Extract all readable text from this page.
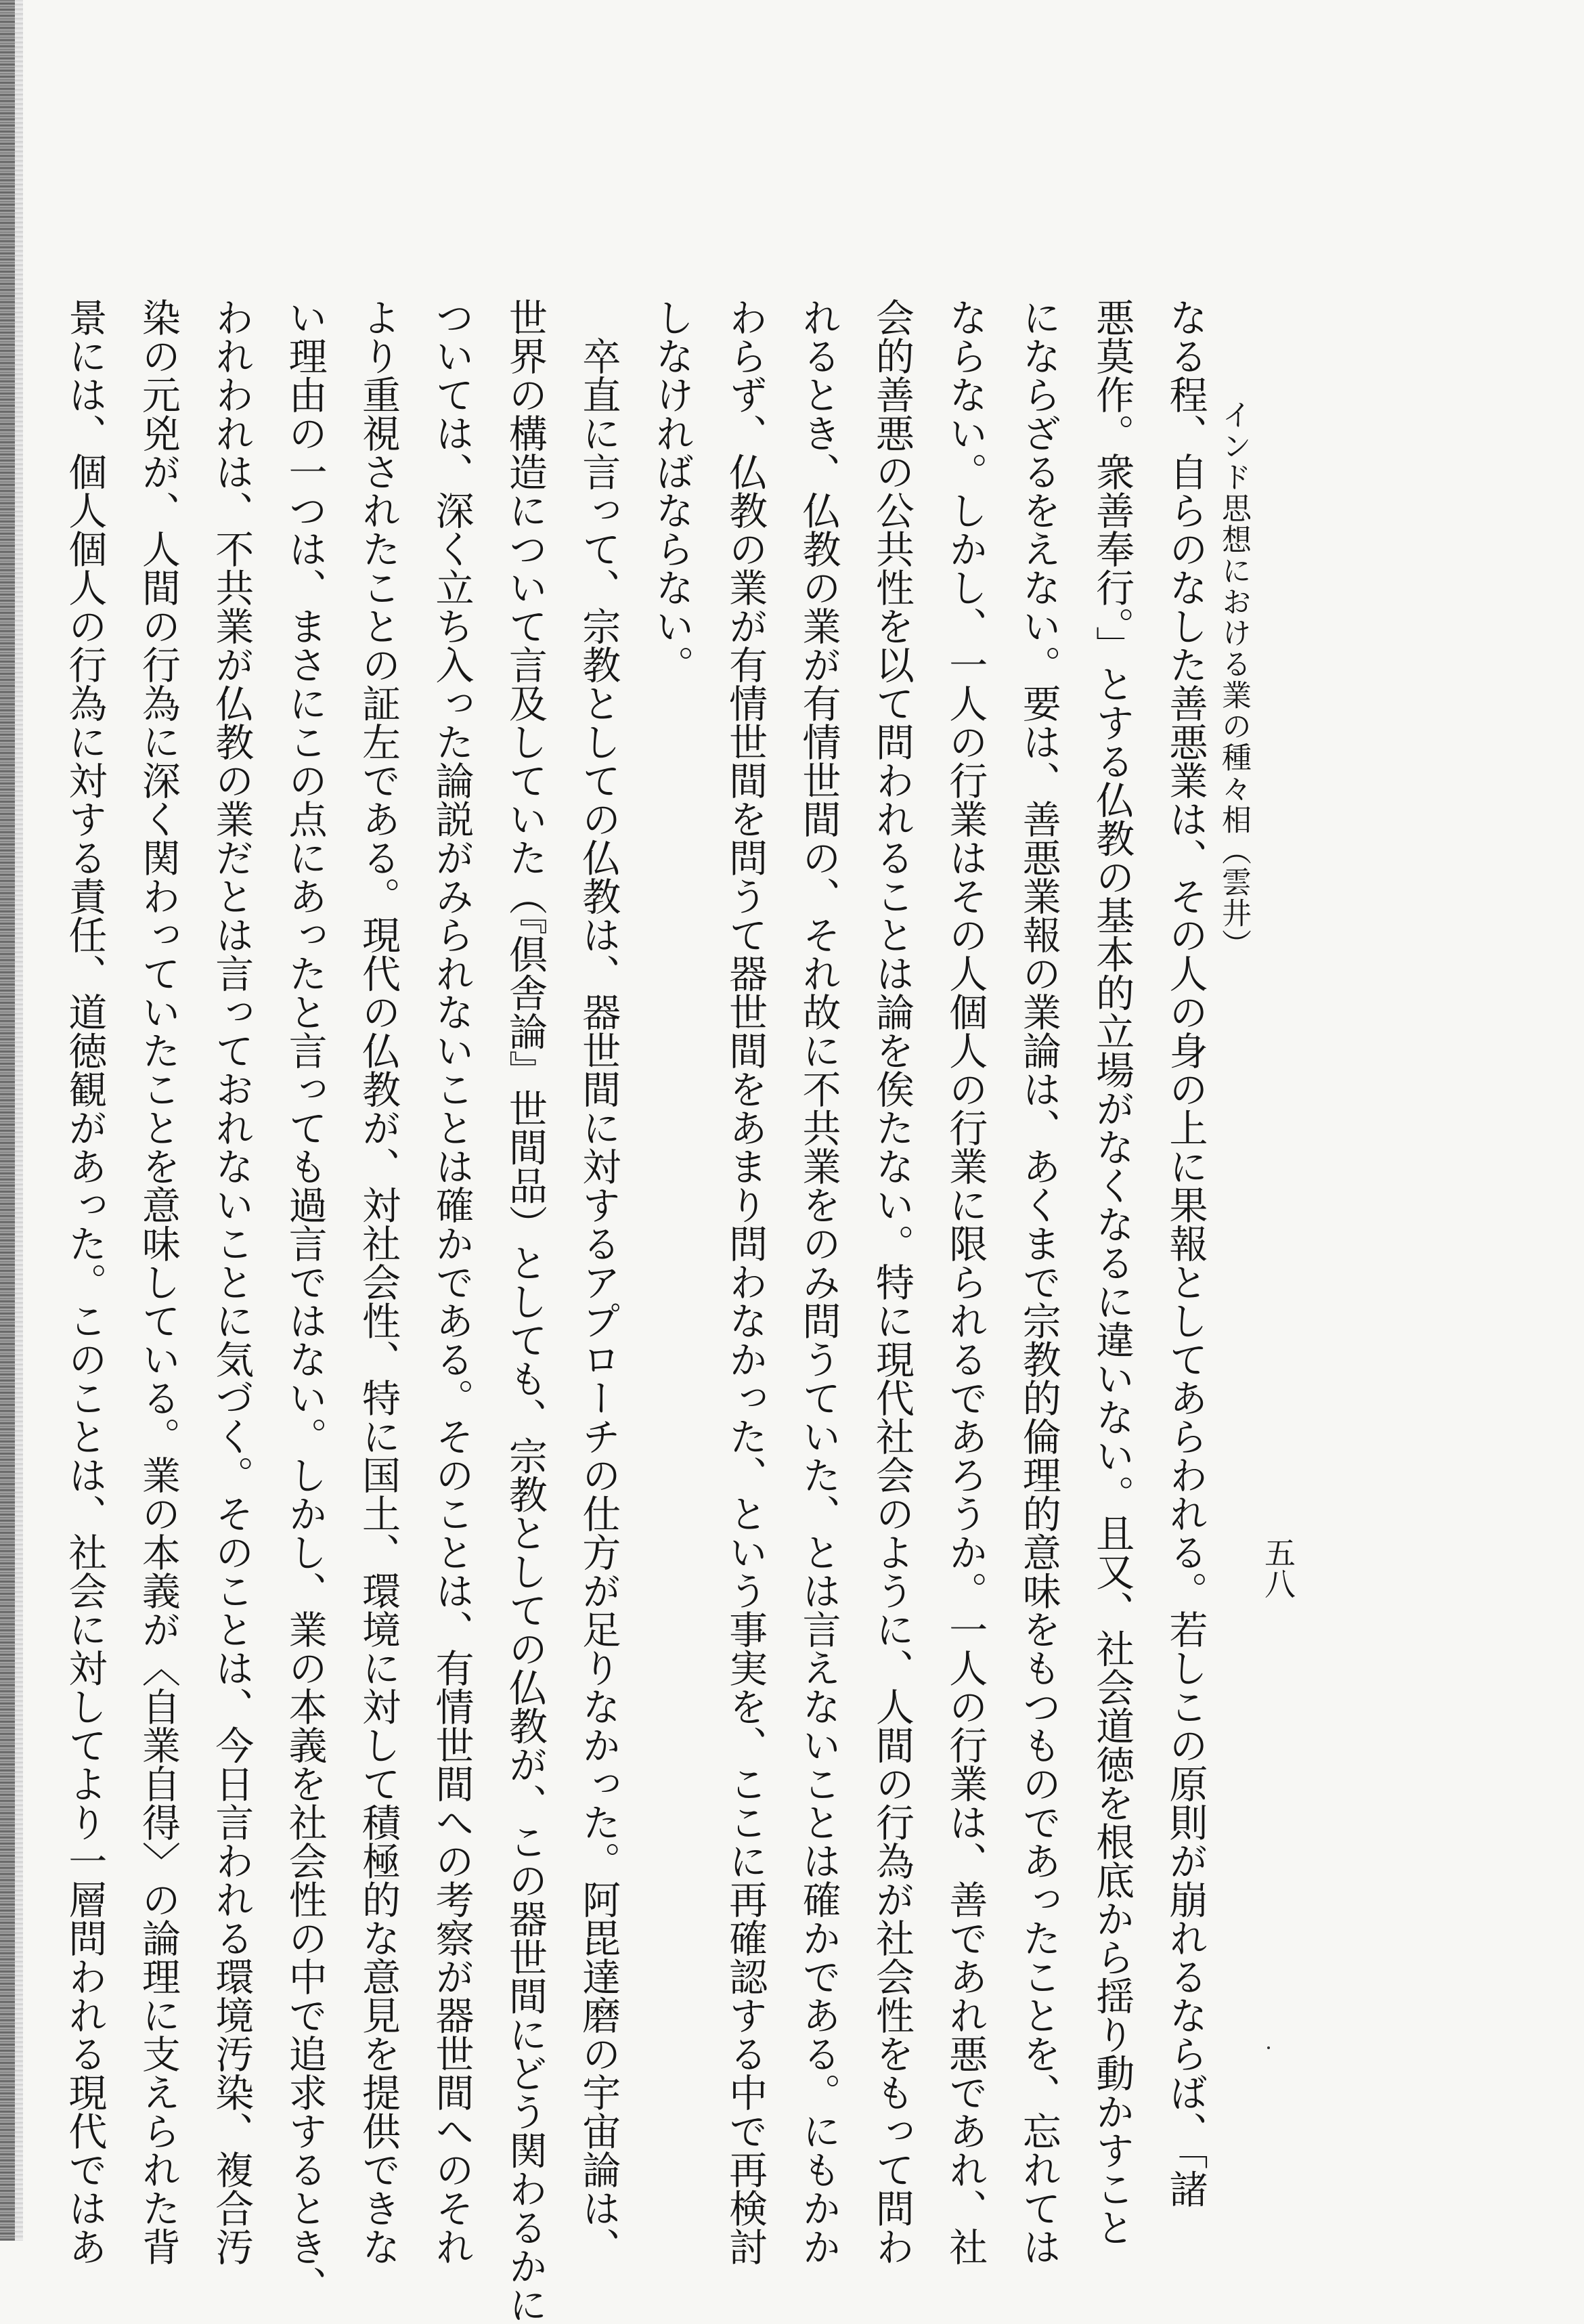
インド思想における業の種々相（雲井）
五八
なる程、自らのなした善悪業は、その人の身の上に果報としてあらわれる。若しこの原則が崩れるならば、「諸
悪莫作。衆善奉行。」とする仏教の基本的立場がなくなるに違いない。且又、社会道徳を根底から揺り動かすこと
にならざるをえない。要は、善悪業報の業論は、あくまで宗教的倫理的意味をもつものであったことを、忘れては
ならない。しかし、一人の行業はその人個人の行業に限られるであろうか。一人の行業は、善であれ悪であれ、社
会的善悪の公共性を以て問われることは論を俟たない。特に現代社会のように、人間の行為が社会性をもって問わ
れるとき、仏教の業が有情世間の、それ故に不共業をのみ問うていた、とは言えないことは確かである。にもかか
わらず、仏教の業が有情世間を問うて器世間をあまり問わなかった、という事実を、ここに再確認する中で再検討
しなければならない。
　卒直に言って、宗教としての仏教は、器世間に対するアプローチの仕方が足りなかった。阿毘達磨の宇宙論は、
世界の構造について言及していた（『倶舎論』世間品）としても、宗教としての仏教が、この器世間にどう関わるかに
ついては、深く立ち入った論説がみられないことは確かである。そのことは、有情世間への考察が器世間へのそれ
より重視されたことの証左である。現代の仏教が、対社会性、特に国土、環境に対して積極的な意見を提供できな
い理由の一つは、まさにこの点にあったと言っても過言ではない。しかし、業の本義を社会性の中で追求するとき、
われわれは、不共業が仏教の業だとは言っておれないことに気づく。そのことは、今日言われる環境汚染、複合汚
染の元兇が、人間の行為に深く関わっていたことを意味している。業の本義が〈自業自得〉の論理に支えられた背
景には、個人個人の行為に対する責任、道徳観があった。このことは、社会に対してより一層問われる現代ではあ
